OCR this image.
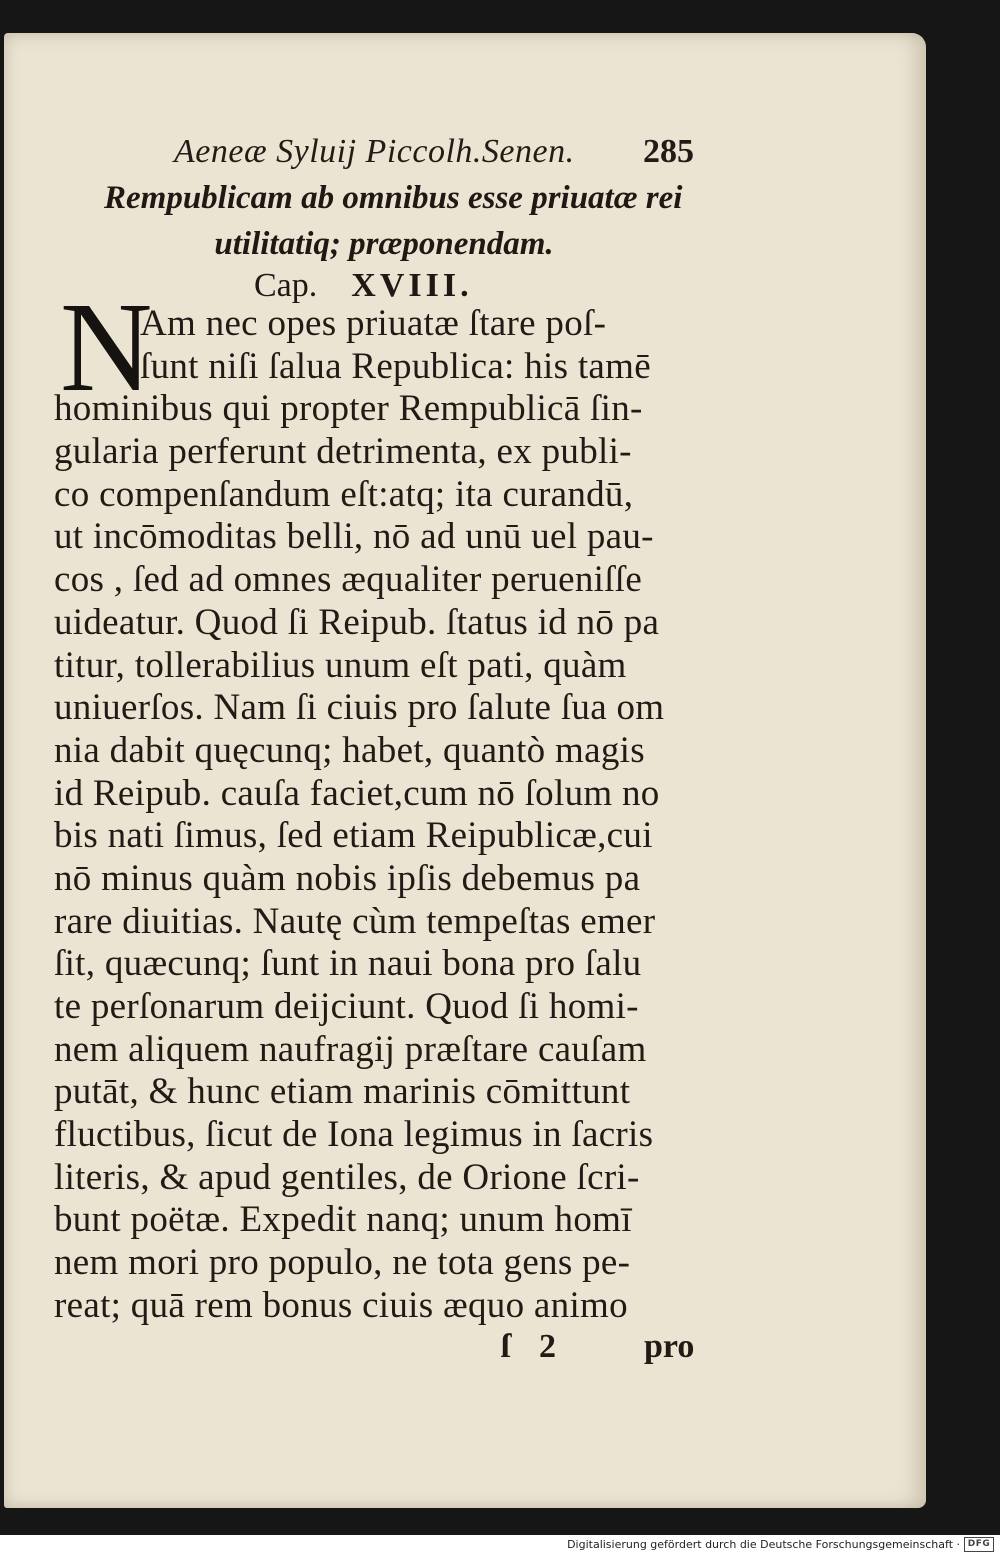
Aeneæ Syluij Piccolh.Senen. 285
Rempublicam ab omnibus esse priuatæ rei
utilitatiq; præponendam.
Cap. XVIII.
N
Am nec opes priuatæ ſtare poſ-
ſunt niſi ſalua Republica: his tamē
hominibus qui propter Rempublicā ſin-
gularia perferunt detrimenta, ex publi-
co compenſandum eſt:atq; ita curandū,
ut incōmoditas belli, nō ad unū uel pau-
cos , ſed ad omnes æqualiter perueniſſe
uideatur. Quod ſi Reipub. ſtatus id nō pa
titur, tollerabilius unum eſt pati, quàm
uniuerſos. Nam ſi ciuis pro ſalute ſua om
nia dabit quęcunq; habet, quantò magis
id Reipub. cauſa faciet,cum nō ſolum no
bis nati ſimus, ſed etiam Reipublicæ,cui
nō minus quàm nobis ipſis debemus pa
rare diuitias. Nautę cùm tempeſtas emer
ſit, quæcunq; ſunt in naui bona pro ſalu
te perſonarum deijciunt. Quod ſi homi-
nem aliquem naufragij præſtare cauſam
putāt, & hunc etiam marinis cōmittunt
fluctibus, ſicut de Iona legimus in ſacris
literis, & apud gentiles, de Orione ſcri-
bunt poëtæ. Expedit nanq; unum homī
nem mori pro populo, ne tota gens pe-
reat; quā rem bonus ciuis æquo animo
ſ 2 pro
Digitalisierung gefördert durch die Deutsche Forschungsgemeinschaft · DFG
